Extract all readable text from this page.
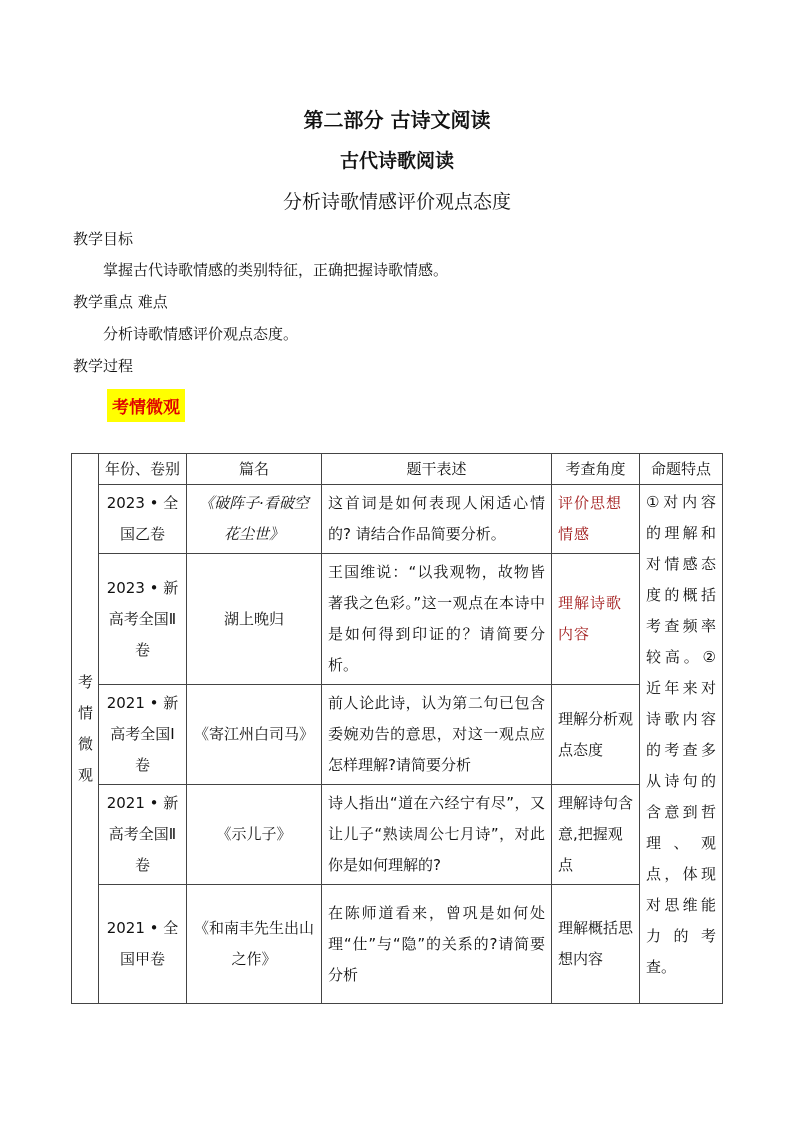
第二部分 古诗文阅读
古代诗歌阅读
分析诗歌情感评价观点态度
教学目标
掌握古代诗歌情感的类别特征，正确把握诗歌情感。
教学重点 难点
分析诗歌情感评价观点态度。
教学过程
考情微观
考
情
微
观	年份、卷别	篇名	题干表述	考查角度	命题特点
	2023 • 全国乙卷	《破阵子·看破空花尘世》	这首词是如何表现人闲适心情的? 请结合作品简要分析。	评价思想情感	①对内容的理解和对情感态度的概括考查频率较高。②近年来对诗歌内容的考查多从诗句的含意到哲理、观点，体现对思维能力的考查。
	2023 • 新高考全国Ⅱ卷	湖上晚归	王国维说：“以我观物，故物皆著我之色彩。”这一观点在本诗中是如何得到印证的？请简要分析。	理解诗歌内容	
	2021 • 新高考全国Ⅰ卷	《寄江州白司马》	前人论此诗，认为第二句已包含委婉劝告的意思，对这一观点应怎样理解?请简要分析	理解分析观点态度	
	2021 • 新高考全国Ⅱ卷	《示儿子》	诗人指出“道在六经宁有尽”，又让儿子“熟读周公七月诗”，对此你是如何理解的?	理解诗句含意,把握观点	
	2021 • 全国甲卷	《和南丰先生出山之作》	在陈师道看来，曾巩是如何处理“仕”与“隐”的关系的?请简要分析	理解概括思想内容	
